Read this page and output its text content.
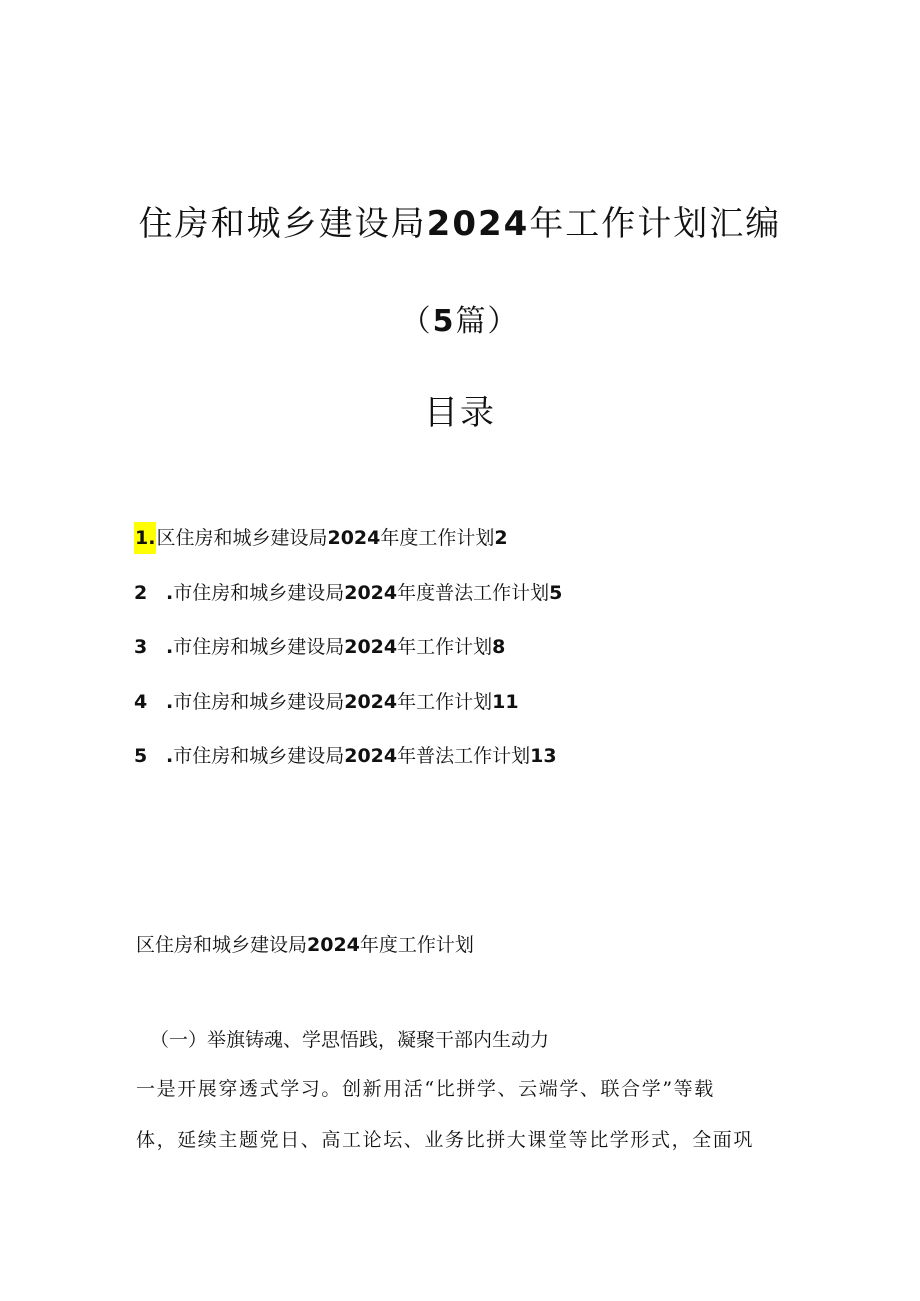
住房和城乡建设局2024年工作计划汇编
（5篇）
目录
1.区住房和城乡建设局2024年度工作计划2
2 .市住房和城乡建设局2024年度普法工作计划5
3 .市住房和城乡建设局2024年工作计划8
4 .市住房和城乡建设局2024年工作计划11
5 .市住房和城乡建设局2024年普法工作计划13
区住房和城乡建设局2024年度工作计划

（一）举旗铸魂、学思悟践，凝聚干部内生动力

一是开展穿透式学习。创新用活“比拼学、云端学、联合学”等载

体，延续主题党日、高工论坛、业务比拼大课堂等比学形式，全面巩
